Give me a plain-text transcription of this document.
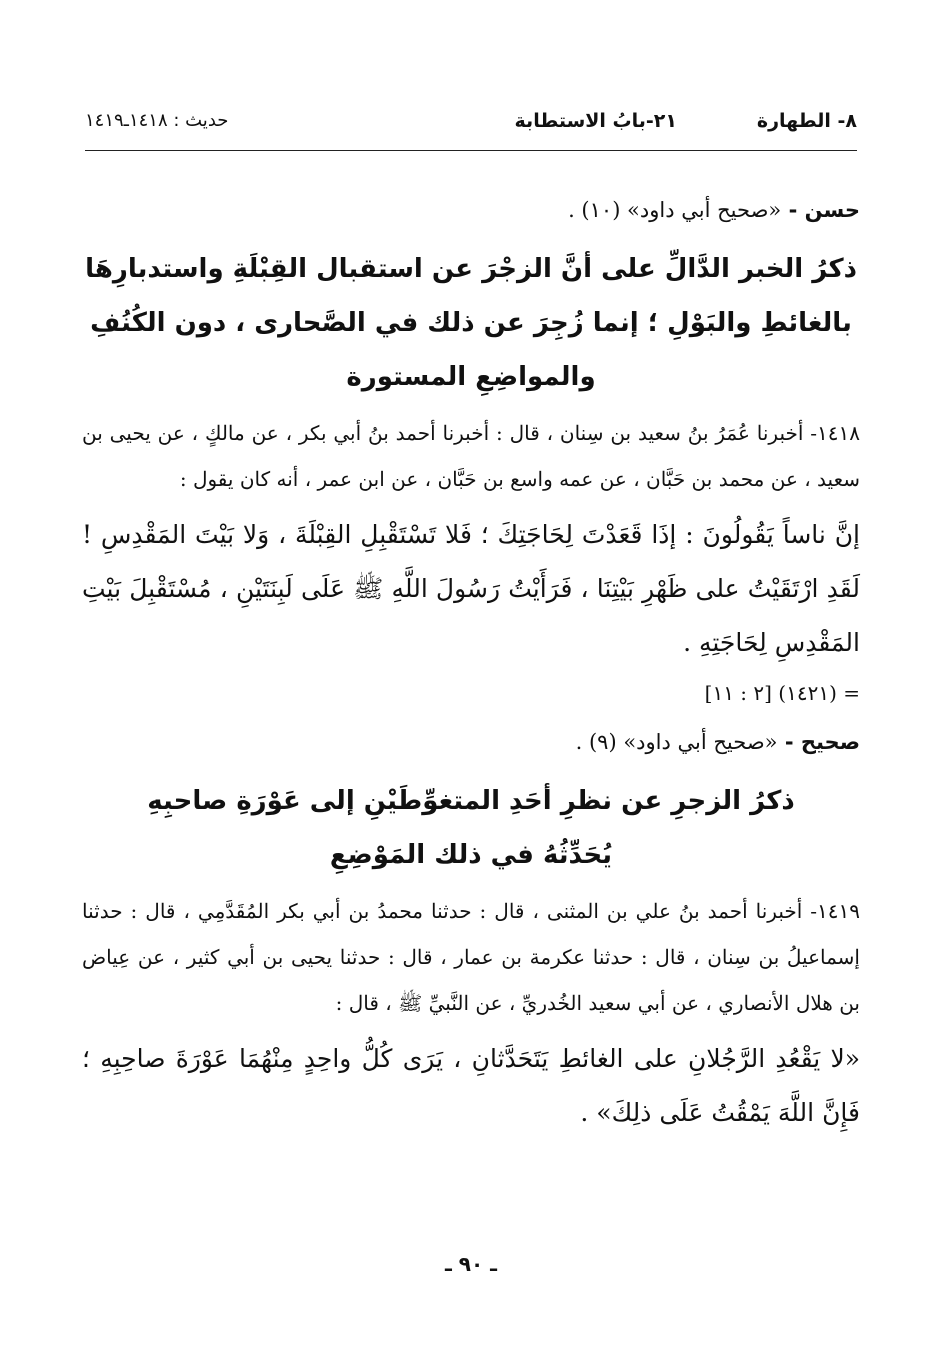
٨- الطهارة
٢١-بابُ الاستطابة
حديث : ١٤١٨ـ١٤١٩

حسن - «صحيح أبي داود» (١٠) .

ذكرُ الخبر الدَّالِّ على أنَّ الزجْرَ عن استقبال القِبْلَةِ واستدبارِهَا
بالغائطِ والبَوْلِ ؛ إنما زُجِرَ عن ذلك في الصَّحارى ، دون الكُنُفِ
والمواضِعِ المستورة

١٤١٨- أخبرنا عُمَرُ بنُ سعيد بن سِنان ، قال : أخبرنا أحمد بنُ أبي بكر ، عن مالكٍ ، عن يحيى بن سعيد ، عن محمد بن حَبَّان ، عن عمه واسع بن حَبَّان ، عن ابن عمر ، أنه كان يقول :

إنَّ ناساً يَقُولُونَ : إذَا قَعَدْتَ لِحَاجَتِكَ ؛ فَلا تَسْتَقْبِلِ القِبْلَةَ ، وَلا بَيْتَ المَقْدِسِ ! لَقَدِ ارْتَقَيْتُ على ظَهْرِ بَيْتِنَا ، فَرَأَيْتُ رَسُولَ اللَّهِ ﷺ عَلَى لَبِنَتَيْنِ ، مُسْتَقْبِلَ بَيْتِ المَقْدِسِ لِحَاجَتِهِ .

= (١٤٢١) [٢ : ١١]

صحيح - «صحيح أبي داود» (٩) .

ذكرُ الزجرِ عن نظرِ أحَدِ المتغوِّطَيْنِ إلى عَوْرَةِ صاحبِهِ
يُحَدِّثُهُ في ذلك المَوْضِعِ

١٤١٩- أخبرنا أحمد بنُ علي بن المثنى ، قال : حدثنا محمدُ بن أبي بكر المُقَدَّمِي ، قال : حدثنا إسماعيلُ بن سِنان ، قال : حدثنا عكرمة بن عمار ، قال : حدثنا يحيى بن أبي كثير ، عن عِياض بن هلال الأنصاري ، عن أبي سعيد الخُدريِّ ، عن النَّبيِّ ﷺ ، قال :

«لا يَقْعُدِ الرَّجُلانِ على الغائطِ يَتَحَدَّثانِ ، يَرَى كُلُّ واحِدٍ مِنْهُمَا عَوْرَةَ صاحِبِهِ ؛ فَإِنَّ اللَّهَ يَمْقُتُ عَلَى ذلِكَ» .

ـ ٩٠ ـ
